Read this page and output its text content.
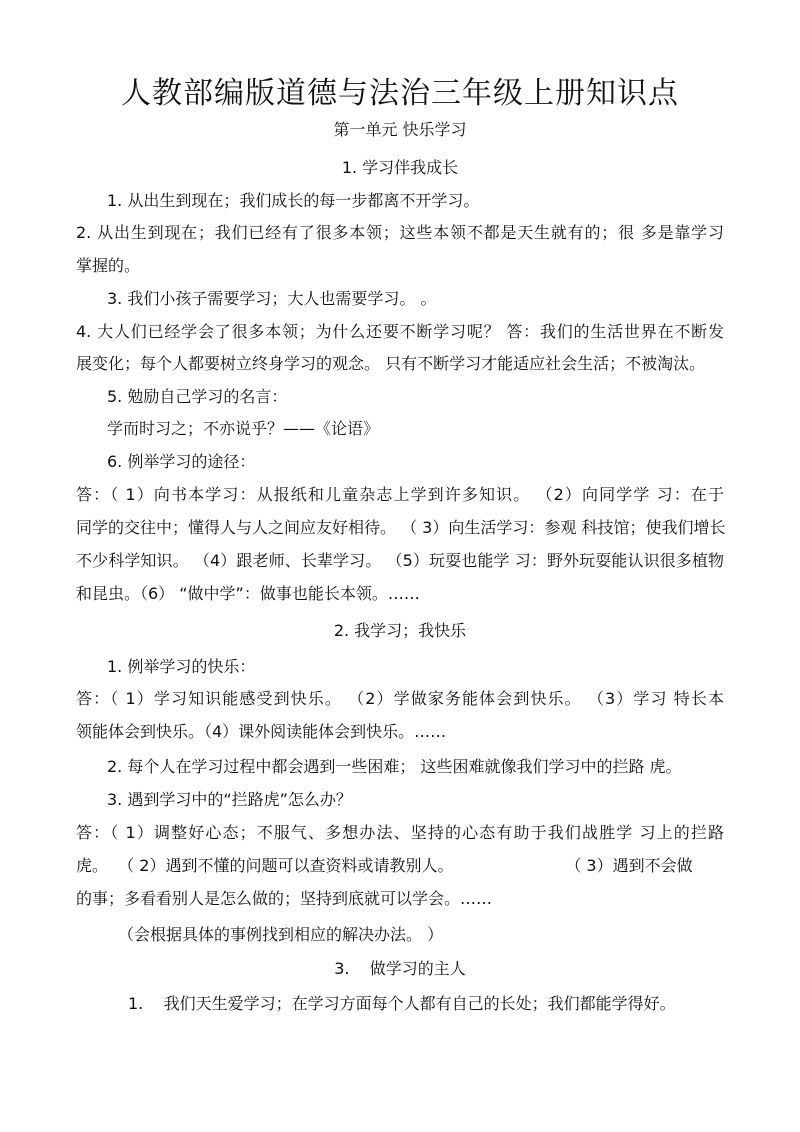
人教部编版道德与法治三年级上册知识点
第一单元 快乐学习
1. 学习伴我成长
1. 从出生到现在；我们成长的每一步都离不开学习。
2. 从出生到现在；我们已经有了很多本领；这些本领不都是天生就有的；很 多是靠学习
掌握的。
3. 我们小孩子需要学习；大人也需要学习。 。
4. 大人们已经学会了很多本领；为什么还要不断学习呢？ 答：我们的生活世界在不断发
展变化；每个人都要树立终身学习的观念。 只有不断学习才能适应社会生活；不被淘汰。
5. 勉励自己学习的名言：
学而时习之；不亦说乎？——《论语》
6. 例举学习的途径：
答：（ 1）向书本学习：从报纸和儿童杂志上学到许多知识。 （2）向同学学 习：在于
同学的交往中；懂得人与人之间应友好相待。 （ 3）向生活学习：参观 科技馆；使我们增长
不少科学知识。 （4）跟老师、长辈学习。 （5）玩耍也能学 习：野外玩耍能认识很多植物
和昆虫。（6） “做中学”：做事也能长本领。……
2. 我学习；我快乐
1. 例举学习的快乐：
答：（ 1）学习知识能感受到快乐。 （2）学做家务能体会到快乐。 （3）学习 特长本
领能体会到快乐。（4）课外阅读能体会到快乐。……
2. 每个人在学习过程中都会遇到一些困难； 这些困难就像我们学习中的拦路 虎。
3. 遇到学习中的“拦路虎”怎么办？
答：（ 1）调整好心态；不服气、多想办法、坚持的心态有助于我们战胜学 习上的拦路
虎。  （ 2）遇到不懂的问题可以查资料或请教别人。                      （ 3）遇到不会做
的事；多看看别人是怎么做的；坚持到底就可以学会。……
（会根据具体的事例找到相应的解决办法。 ）
3.    做学习的主人
1.    我们天生爱学习；在学习方面每个人都有自己的长处；我们都能学得好。
